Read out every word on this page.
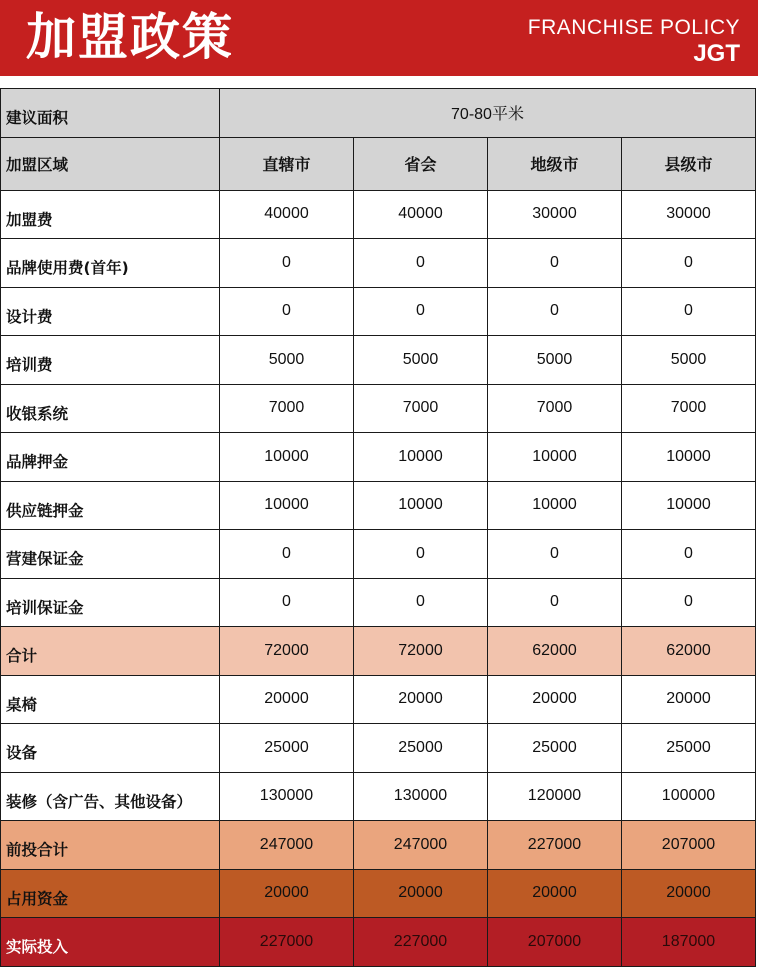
加盟政策	FRANCHISE POLICY
JGT
建议面积	70-80平米			
加盟区域	直辖市	省会	地级市	县级市
加盟费	40000	40000	30000	30000
品牌使用费(首年)	0	0	0	0
设计费	0	0	0	0
培训费	5000	5000	5000	5000
收银系统	7000	7000	7000	7000
品牌押金	10000	10000	10000	10000
供应链押金	10000	10000	10000	10000
营建保证金	0	0	0	0
培训保证金	0	0	0	0
合计	72000	72000	62000	62000
桌椅	20000	20000	20000	20000
设备	25000	25000	25000	25000
装修（含广告、其他设备）	130000	130000	120000	100000
前投合计	247000	247000	227000	207000
占用资金	20000	20000	20000	20000
实际投入	227000	227000	207000	187000
